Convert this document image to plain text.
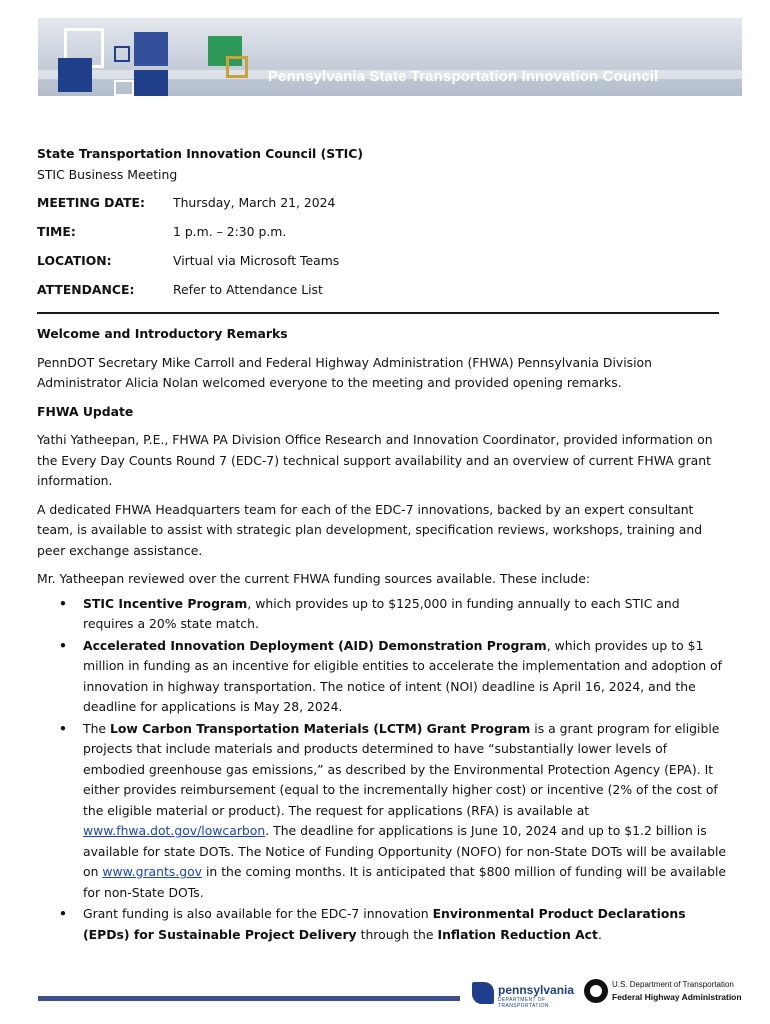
Pennsylvania State Transportation Innovation Council
State Transportation Innovation Council (STIC)
STIC Business Meeting
MEETING DATE:	Thursday, March 21, 2024
TIME:	1 p.m. – 2:30 p.m.
LOCATION:	Virtual via Microsoft Teams
ATTENDANCE:	Refer to Attendance List
Welcome and Introductory Remarks

PennDOT Secretary Mike Carroll and Federal Highway Administration (FHWA) Pennsylvania Division Administrator Alicia Nolan welcomed everyone to the meeting and provided opening remarks.

FHWA Update

Yathi Yatheepan, P.E., FHWA PA Division Office Research and Innovation Coordinator, provided information on the Every Day Counts Round 7 (EDC-7) technical support availability and an overview of current FHWA grant information.

A dedicated FHWA Headquarters team for each of the EDC-7 innovations, backed by an expert consultant team, is available to assist with strategic plan development, specification reviews, workshops, training and peer exchange assistance.

Mr. Yatheepan reviewed over the current FHWA funding sources available. These include:

• STIC Incentive Program, which provides up to $125,000 in funding annually to each STIC and requires a 20% state match.
• Accelerated Innovation Deployment (AID) Demonstration Program, which provides up to $1 million in funding as an incentive for eligible entities to accelerate the implementation and adoption of innovation in highway transportation. The notice of intent (NOI) deadline is April 16, 2024, and the deadline for applications is May 28, 2024.
• The Low Carbon Transportation Materials (LCTM) Grant Program is a grant program for eligible projects that include materials and products determined to have “substantially lower levels of embodied greenhouse gas emissions,” as described by the Environmental Protection Agency (EPA). It either provides reimbursement (equal to the incrementally higher cost) or incentive (2% of the cost of the eligible material or product). The request for applications (RFA) is available at www.fhwa.dot.gov/lowcarbon. The deadline for applications is June 10, 2024 and up to $1.2 billion is available for state DOTs. The Notice of Funding Opportunity (NOFO) for non-State DOTs will be available on www.grants.gov in the coming months. It is anticipated that $800 million of funding will be available for non-State DOTs.
• Grant funding is also available for the EDC-7 innovation Environmental Product Declarations (EPDs) for Sustainable Project Delivery through the Inflation Reduction Act.
pennsylvania
DEPARTMENT OF TRANSPORTATION
U.S. Department of Transportation
Federal Highway Administration
